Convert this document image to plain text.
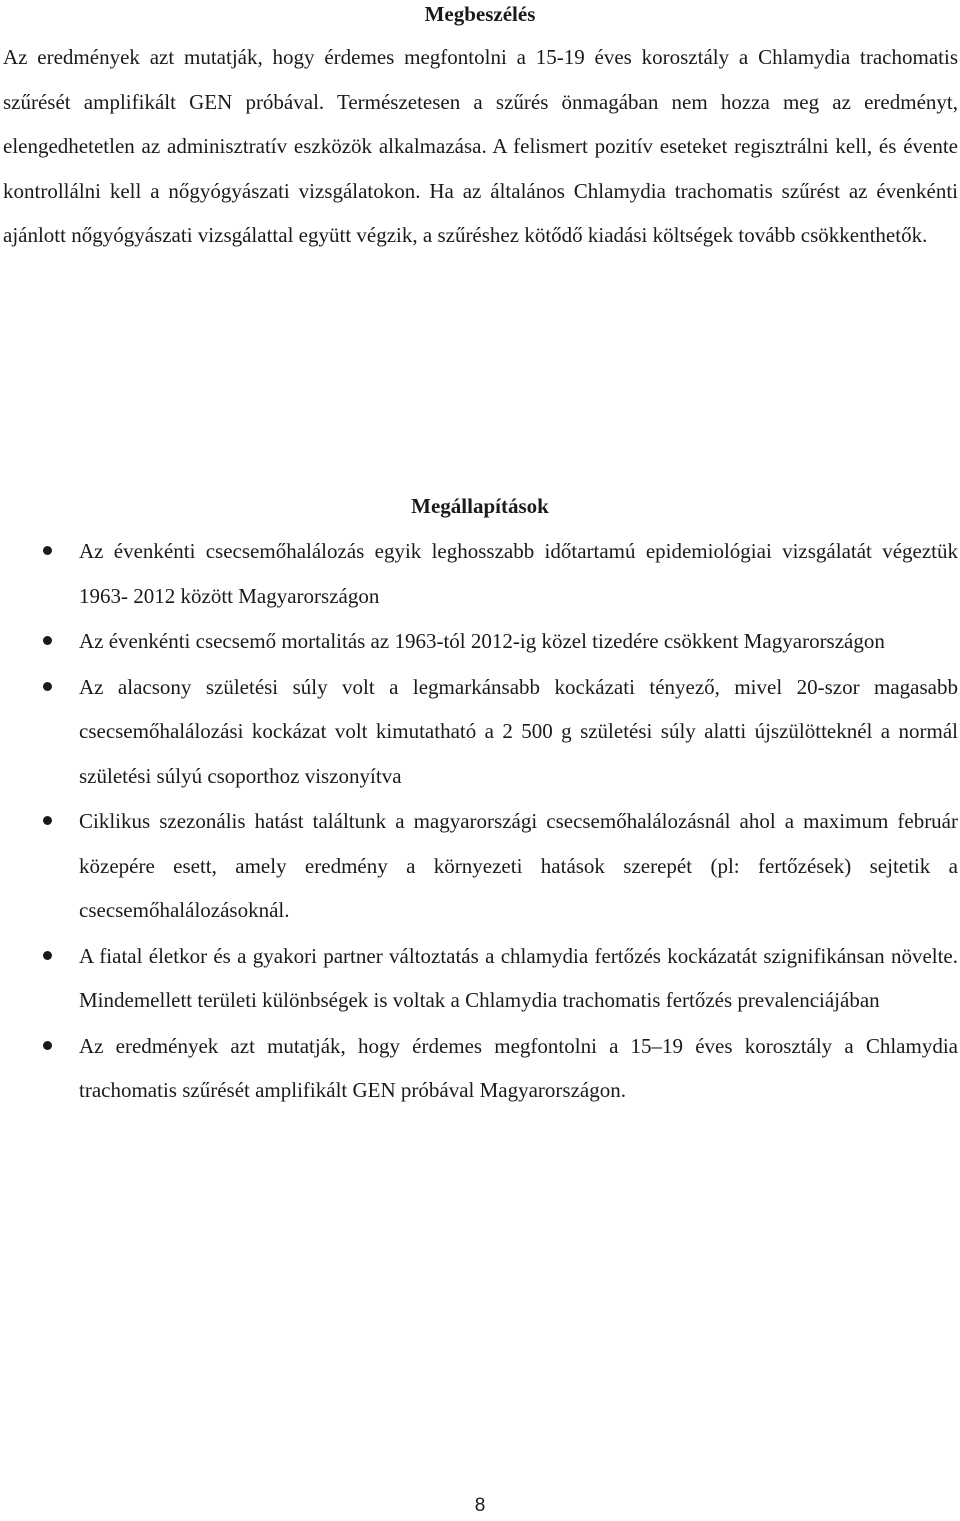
Megbeszélés

Az eredmények azt mutatják, hogy érdemes megfontolni a 15-19 éves korosztály a Chlamydia trachomatis szűrését amplifikált GEN próbával. Természetesen a szűrés önmagában nem hozza meg az eredményt, elengedhetetlen az adminisztratív eszközök alkalmazása. A felismert pozitív eseteket regisztrálni kell, és évente kontrollálni kell a nőgyógyászati vizsgálatokon. Ha az általános Chlamydia trachomatis szűrést az évenkénti ajánlott nőgyógyászati vizsgálattal együtt végzik, a szűréshez kötődő kiadási költségek tovább csökkenthetők.

Megállapítások
Az évenkénti csecsemőhalálozás egyik leghosszabb időtartamú epidemiológiai vizsgálatát végeztük 1963- 2012 között Magyarországon
Az évenkénti csecsemő mortalitás az 1963-tól 2012-ig közel tizedére csökkent Magyarországon
Az alacsony születési súly volt a legmarkánsabb kockázati tényező, mivel 20-szor magasabb csecsemőhalálozási kockázat volt kimutatható a 2 500 g születési súly alatti újszülötteknél a normál születési súlyú csoporthoz viszonyítva
Ciklikus szezonális hatást találtunk a magyarországi csecsemőhalálozásnál ahol a maximum február közepére esett, amely eredmény a környezeti hatások szerepét (pl: fertőzések) sejtetik a csecsemőhalálozásoknál.
A fiatal életkor és a gyakori partner változtatás a chlamydia fertőzés kockázatát szignifikánsan növelte. Mindemellett területi különbségek is voltak a Chlamydia trachomatis fertőzés prevalenciájában
Az eredmények azt mutatják, hogy érdemes megfontolni a 15–19 éves korosztály a Chlamydia trachomatis szűrését amplifikált GEN próbával Magyarországon.

8
